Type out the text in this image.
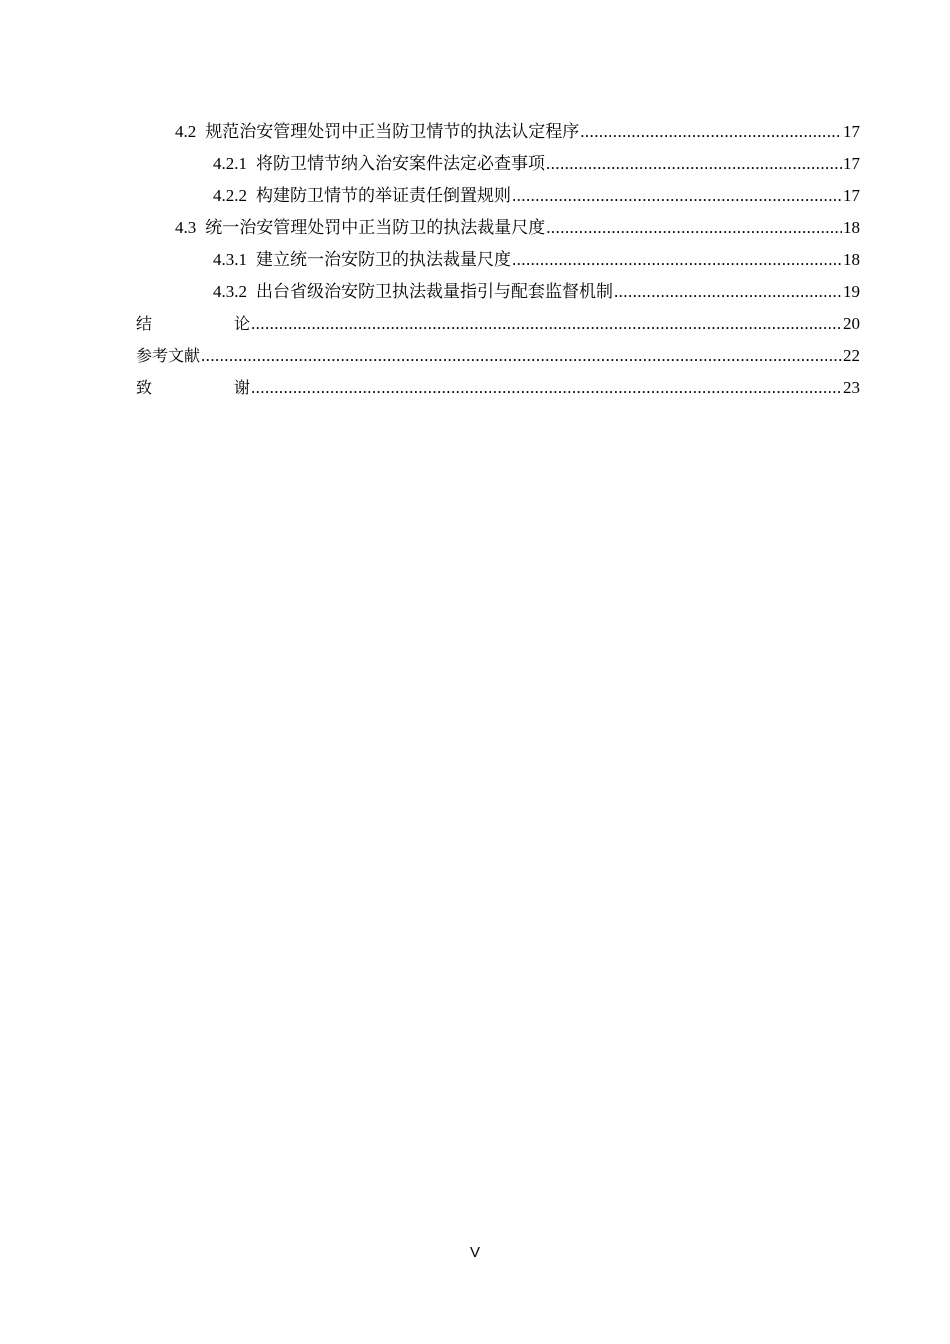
4.2 规范治安管理处罚中正当防卫情节的执法认定程序 .....	17
4.2.1 将防卫情节纳入治安案件法定必查事项 .....	17
4.2.2 构建防卫情节的举证责任倒置规则 .....	17
4.3 统一治安管理处罚中正当防卫的执法裁量尺度 .....	18
4.3.1 建立统一治安防卫的执法裁量尺度 .....	18
4.3.2 出台省级治安防卫执法裁量指引与配套监督机制 .....	19
结	论 .....	20
参考文献 .....	22
致	谢 .....	23
V
